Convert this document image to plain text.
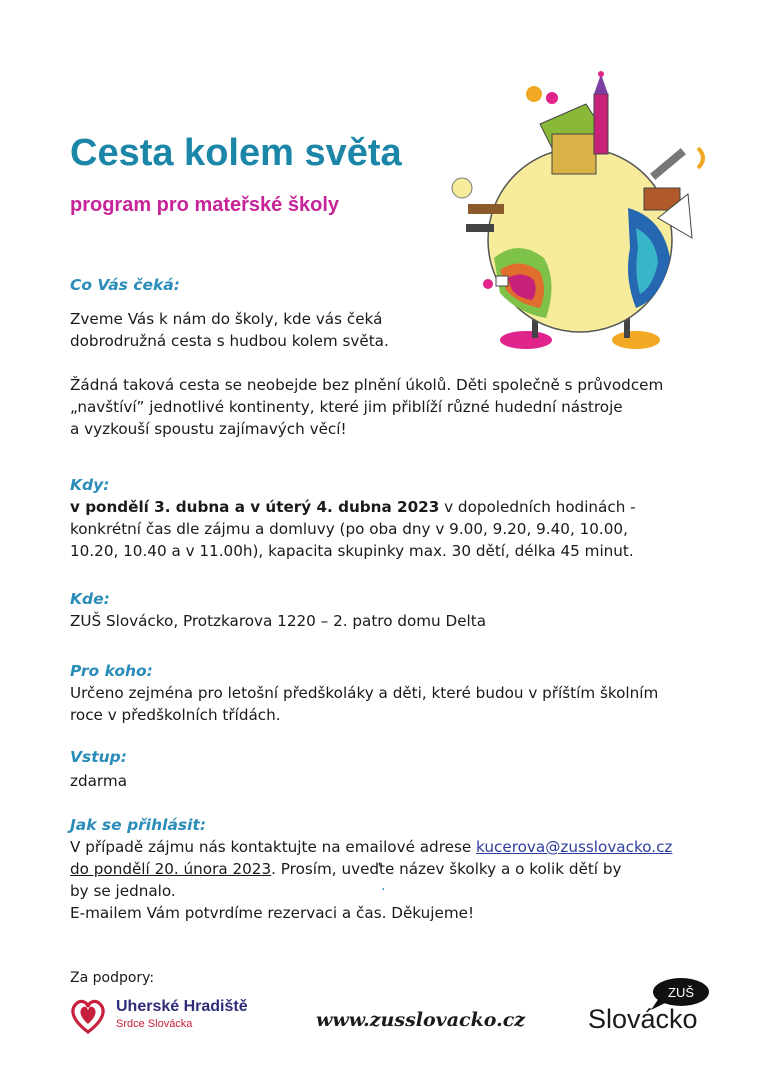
Cesta kolem světa
program pro mateřské školy
Co Vás čeká:
Zveme Vás k nám do školy, kde vás čeká
dobrodružná cesta s hudbou kolem světa.
Žádná taková cesta se neobejde bez plnění úkolů. Děti společně s průvodcem
„navštíví” jednotlivé kontinenty, které jim přiblíží různé hudední nástroje
a vyzkouší spoustu zajímavých věcí!
Kdy:
v pondělí 3. dubna a v úterý 4. dubna 2023 v dopoledních hodinách -
konkrétní čas dle zájmu a domluvy (po oba dny v 9.00, 9.20, 9.40, 10.00,
10.20, 10.40 a v 11.00h), kapacita skupinky max. 30 dětí, délka 45 minut.
Kde:
ZUŠ Slovácko, Protzkarova 1220 – 2. patro domu Delta
Pro koho:
Určeno zejména pro letošní předškoláky a děti, které budou v příštím školním
roce v předškolních třídách.
Vstup:
zdarma
Jak se přihlásit:
V případě zájmu nás kontaktujte na emailové adrese kucerova@zusslovacko.cz
do pondělí 20. února 2023. Prosím, uveďte název školky a o kolik dětí by
by se jednalo.
E-mailem Vám potvrdíme rezervaci a čas. Děkujeme!
.
Za podpory:
Uherské Hradiště
Srdce Slovácka	www.zusslovacko.cz
ZUŠ
Slovácko
